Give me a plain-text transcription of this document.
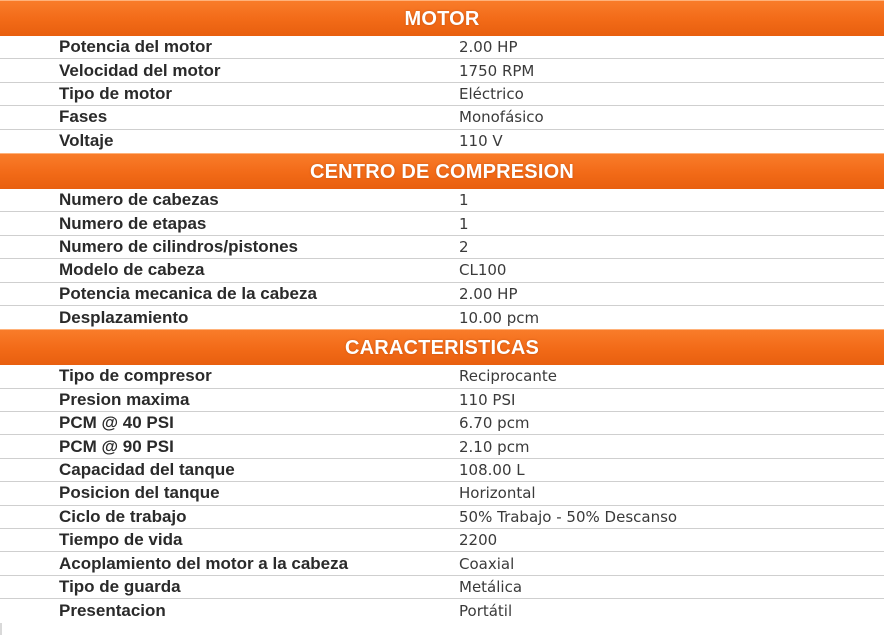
MOTOR
Potencia del motor	2.00 HP
Velocidad del motor	1750 RPM
Tipo de motor	Eléctrico
Fases	Monofásico
Voltaje	110 V
CENTRO DE COMPRESION
Numero de cabezas	1
Numero de etapas	1
Numero de cilindros/pistones	2
Modelo de cabeza	CL100
Potencia mecanica de la cabeza	2.00 HP
Desplazamiento	10.00 pcm
CARACTERISTICAS
Tipo de compresor	Reciprocante
Presion maxima	110 PSI
PCM @ 40 PSI	6.70 pcm
PCM @ 90 PSI	2.10 pcm
Capacidad del tanque	108.00 L
Posicion del tanque	Horizontal
Ciclo de trabajo	50% Trabajo - 50% Descanso
Tiempo de vida	2200
Acoplamiento del motor a la cabeza	Coaxial
Tipo de guarda	Metálica
Presentacion	Portátil
